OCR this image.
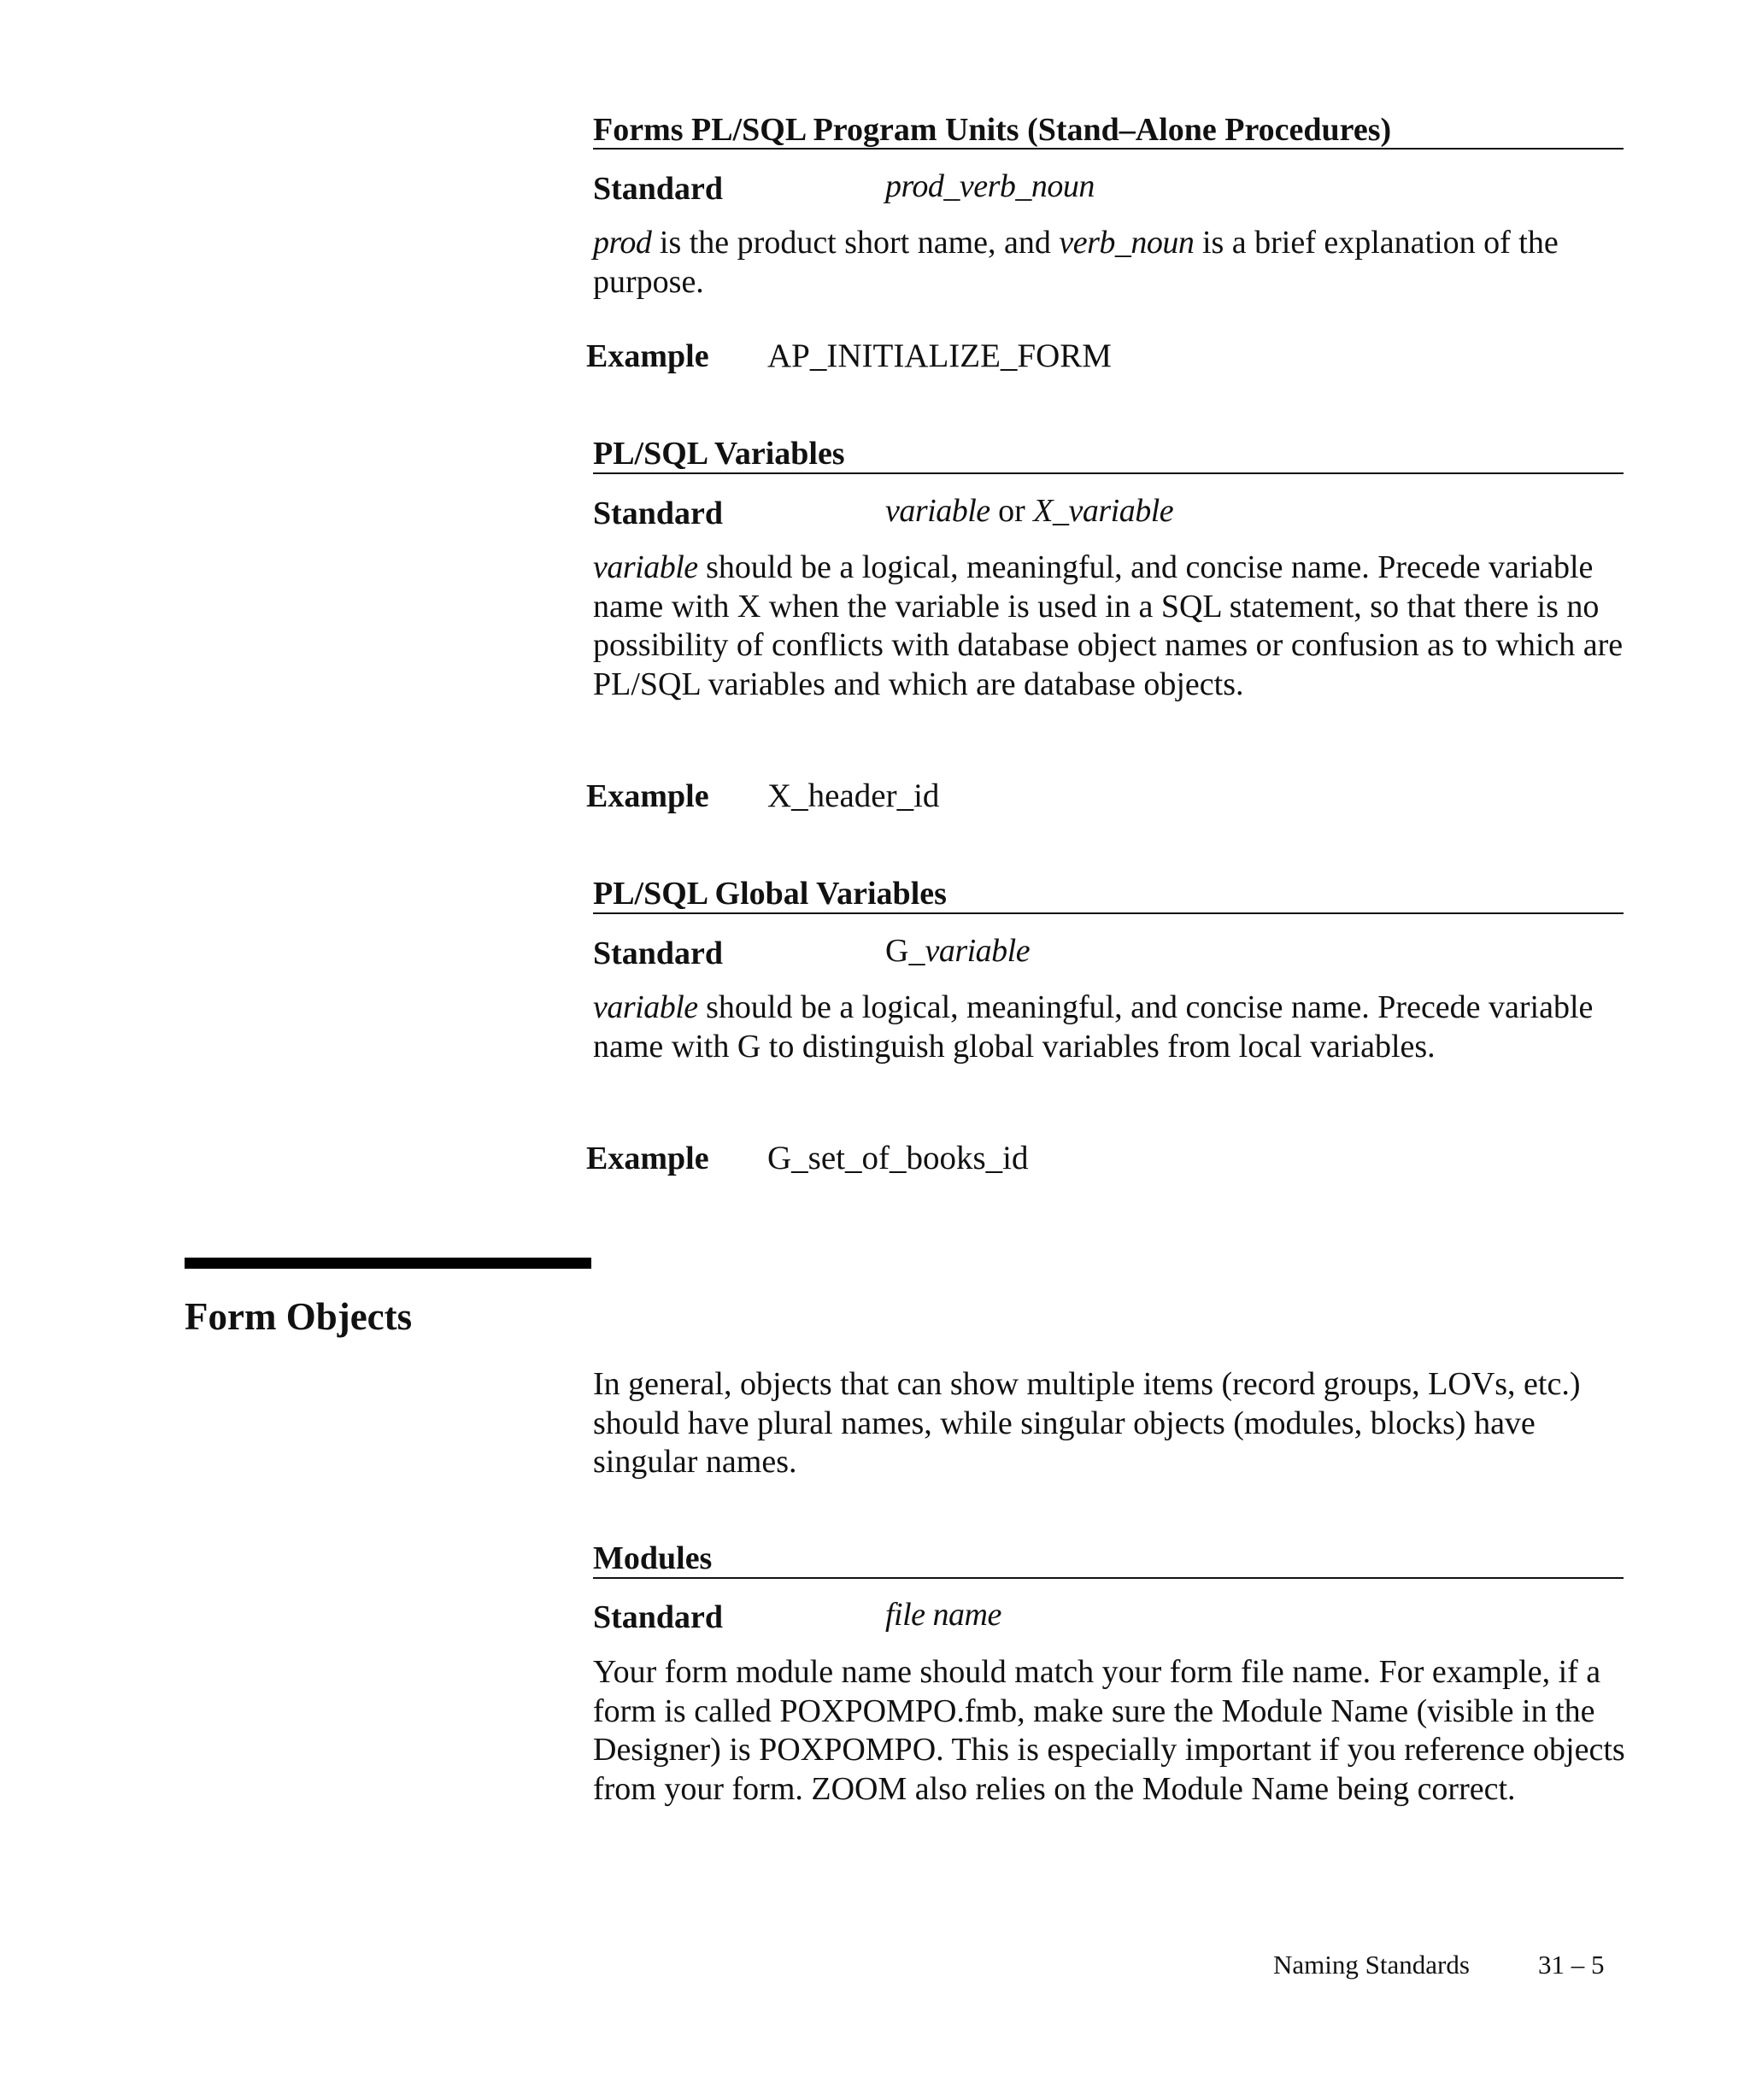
Forms PL/SQL Program Units (Stand–Alone Procedures)
Standard	prod_verb_noun
prod is the product short name, and verb_noun is a brief explanation of the purpose.
Example AP_INITIALIZE_FORM
PL/SQL Variables
Standard	variable or X_variable
variable should be a logical, meaningful, and concise name. Precede variable name with X when the variable is used in a SQL statement, so that there is no possibility of conflicts with database object names or confusion as to which are PL/SQL variables and which are database objects.
Example X_header_id
PL/SQL Global Variables
Standard	G_variable
variable should be a logical, meaningful, and concise name. Precede variable name with G to distinguish global variables from local variables.
Example G_set_of_books_id
Form Objects
In general, objects that can show multiple items (record groups, LOVs, etc.) should have plural names, while singular objects (modules, blocks) have singular names.
Modules
Standard	file name
Your form module name should match your form file name. For example, if a form is called POXPOMPO.fmb, make sure the Module Name (visible in the Designer) is POXPOMPO. This is especially important if you reference objects from your form. ZOOM also relies on the Module Name being correct.
Naming Standards	31 – 5
